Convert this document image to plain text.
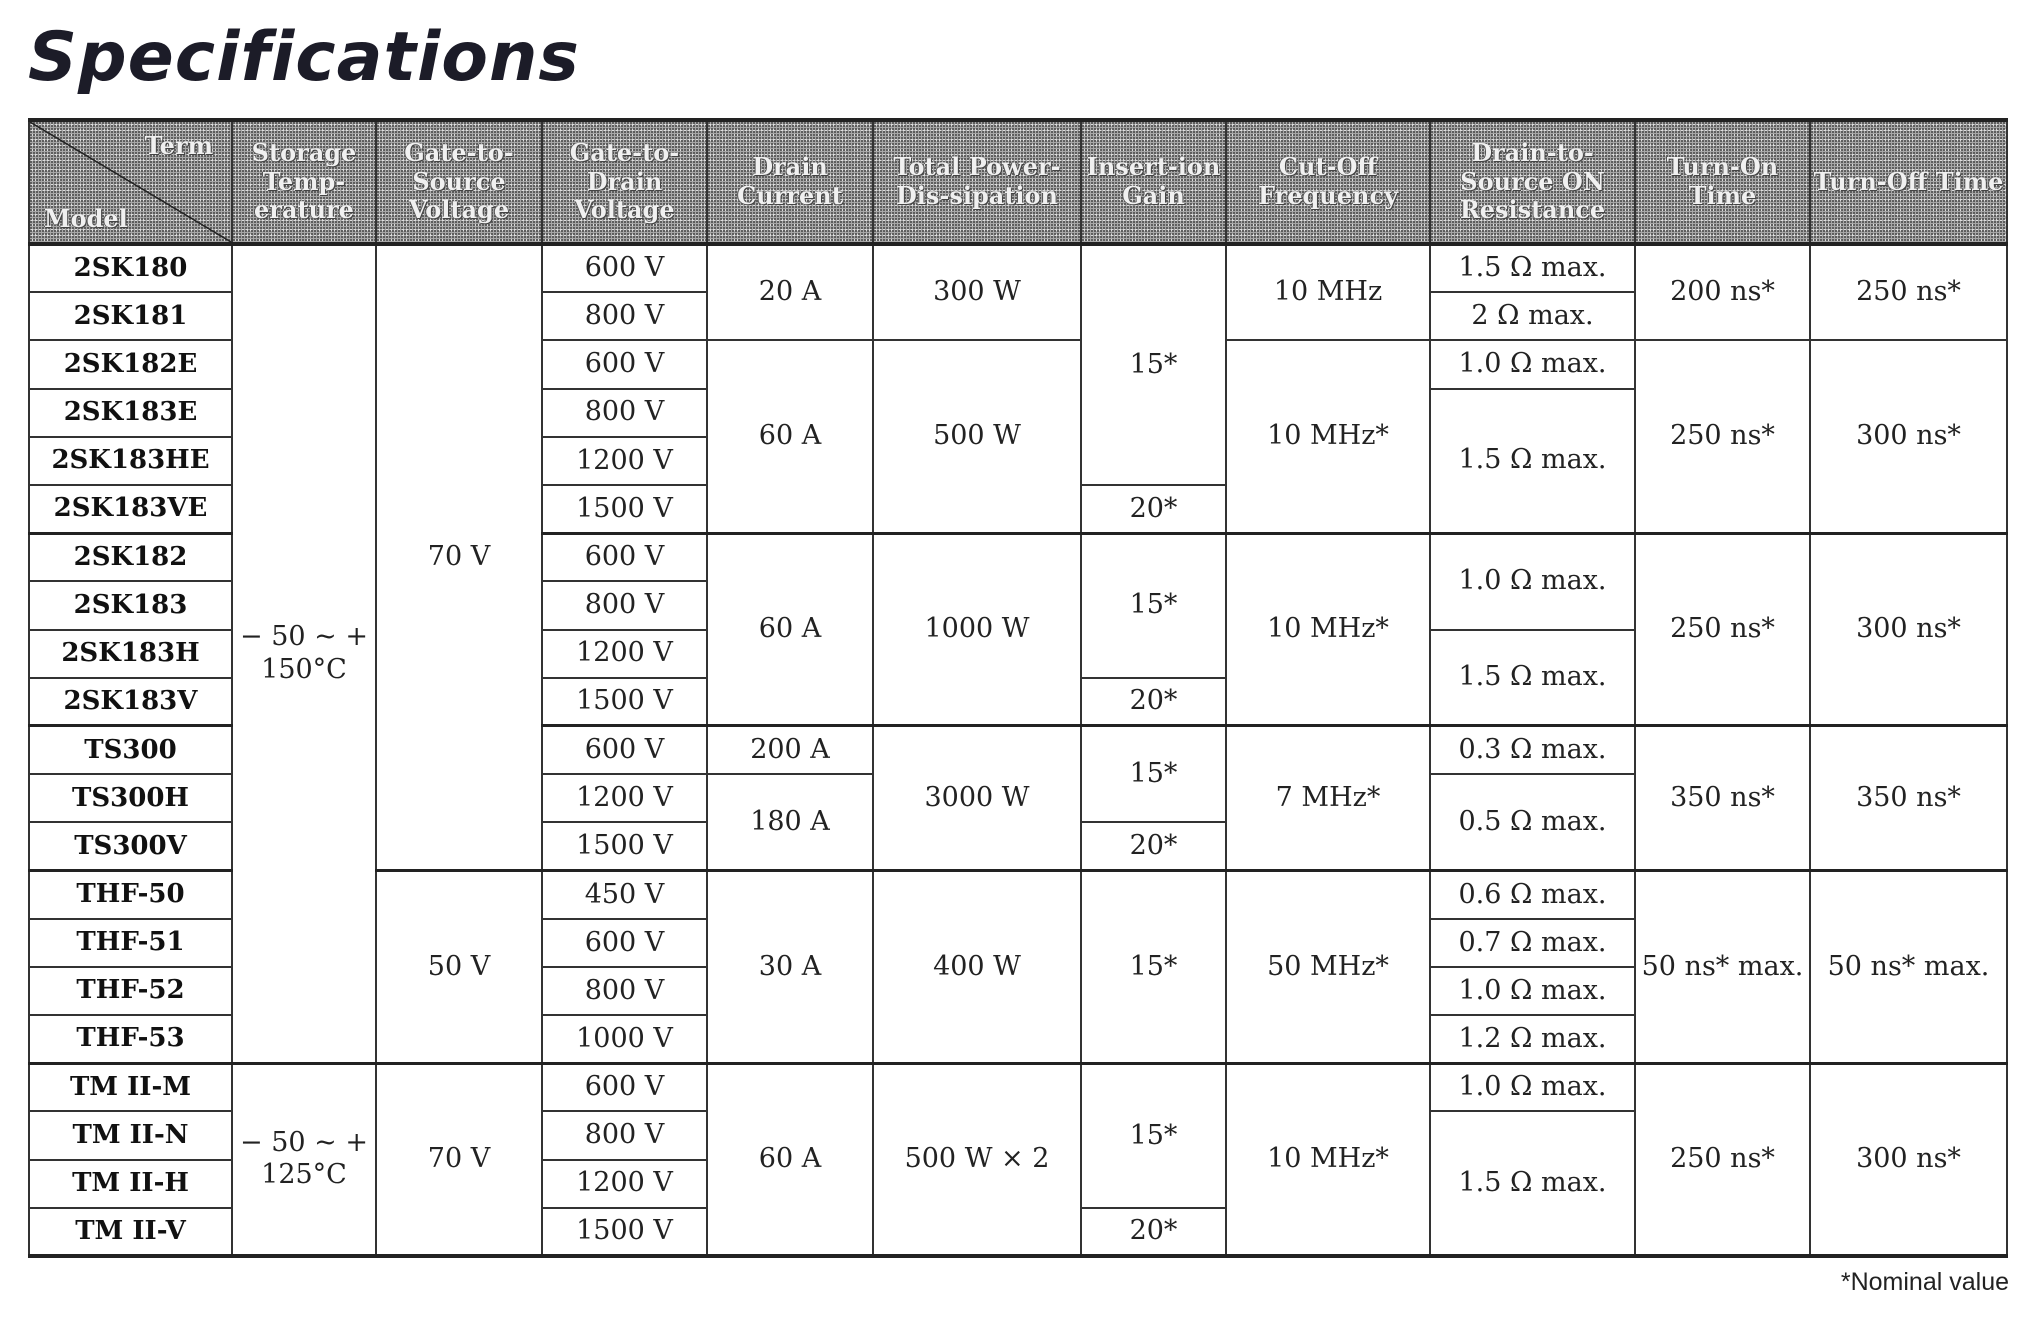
Specifications
Term
Model	Storage Temp-erature	Gate-to-Source Voltage	Gate-to-Drain Voltage	Drain Current	Total Power-Dis-sipation	Insert-ion Gain	Cut-Off Frequency	Drain-to-Source ON Resistance	Turn-On Time	Turn-Off Time
2SK180	− 50 ~ + 150°C	70 V	600 V	20 A	300 W	15*	10 MHz	1.5 Ω max.	200 ns*	250 ns*
2SK181			800 V					2 Ω max.		
2SK182E			600 V	60 A	500 W		10 MHz*	1.0 Ω max.	250 ns*	300 ns*
2SK183E			800 V					1.5 Ω max.		
2SK183HE			1200 V							
2SK183VE			1500 V			20*				
2SK182			600 V	60 A	1000 W	15*	10 MHz*	1.0 Ω max.	250 ns*	300 ns*
2SK183			800 V							
2SK183H			1200 V					1.5 Ω max.		
2SK183V			1500 V			20*				
TS300			600 V	200 A	3000 W	15*	7 MHz*	0.3 Ω max.	350 ns*	350 ns*
TS300H			1200 V	180 A				0.5 Ω max.		
TS300V			1500 V			20*				
THF-50		50 V	450 V	30 A	400 W	15*	50 MHz*	0.6 Ω max.	50 ns* max.	50 ns* max.
THF-51			600 V					0.7 Ω max.		
THF-52			800 V					1.0 Ω max.		
THF-53			1000 V					1.2 Ω max.		
TM II-M	− 50 ~ + 125°C	70 V	600 V	60 A	500 W × 2	15*	10 MHz*	1.0 Ω max.	250 ns*	300 ns*
TM II-N			800 V					1.5 Ω max.		
TM II-H			1200 V							
TM II-V			1500 V			20*				
*Nominal value
